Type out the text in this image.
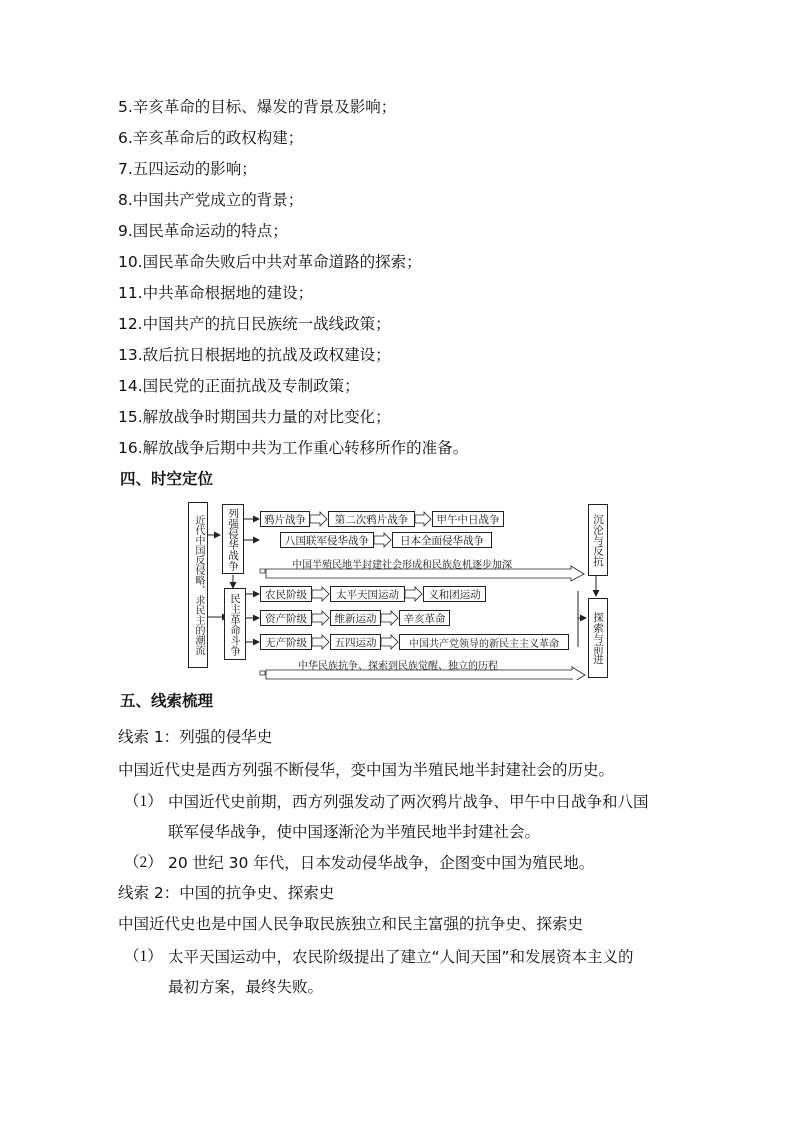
5.辛亥革命的目标、爆发的背景及影响；
6.辛亥革命后的政权构建；
7.五四运动的影响；
8.中国共产党成立的背景；
9.国民革命运动的特点；
10.国民革命失败后中共对革命道路的探索；
11.中共革命根据地的建设；
12.中国共产的抗日民族统一战线政策；
13.敌后抗日根据地的抗战及政权建设；
14.国民党的正面抗战及专制政策；
15.解放战争时期国共力量的对比变化；
16.解放战争后期中共为工作重心转移所作的准备。
四、时空定位
近代中国反侵略、求民主的潮流	列强侵华战争
民主革命斗争
鸦片战争	第二次鸦片战争	甲午中日战争
八国联军侵华战争	日本全面侵华战争
中国半殖民地半封建社会形成和民族危机逐步加深
农民阶级
资产阶级
无产阶级
太平天国运动	义和团运动
维新运动	辛亥革命
五四运动	中国共产党领导的新民主主义革命
中华民族抗争、探索到民族觉醒、独立的历程
沉沦与反抗
探索与前进
五、线索梳理
线索 1：列强的侵华史
中国近代史是西方列强不断侵华，变中国为半殖民地半封建社会的历史。
（1） 中国近代史前期，西方列强发动了两次鸦片战争、甲午中日战争和八国
联军侵华战争，使中国逐渐沦为半殖民地半封建社会。
（2） 20 世纪 30 年代，日本发动侵华战争，企图变中国为殖民地。
线索 2：中国的抗争史、探索史
中国近代史也是中国人民争取民族独立和民主富强的抗争史、探索史
（1） 太平天国运动中，农民阶级提出了建立“人间天国”和发展资本主义的
最初方案，最终失败。
